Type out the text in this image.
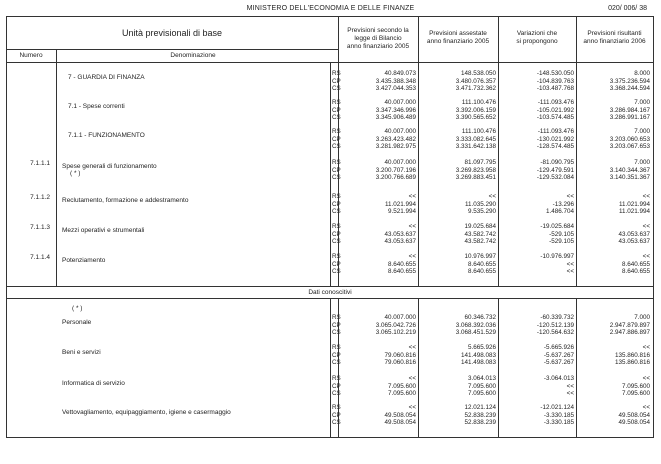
MINISTERO DELL'ECONOMIA E DELLE FINANZE	020/ 006/ 38
Unità previsionali di base
Numero	Denominazione
Previsioni secondo la
legge di Bilancio
anno finanziario 2005
Previsioni assestate
anno finanziario 2005
Variazioni che
si propongono
Previsioni risultanti
anno finanziario 2006
Dati conoscitivi
( * )
7 - GUARDIA DI FINANZA
RS
CP
CS
40.849.073
3.435.388.348
3.427.044.353
148.538.050
3.480.076.357
3.471.732.362
-148.530.050
-104.839.763
-103.487.768
8.000
3.375.236.594
3.368.244.594
7.1 - Spese correnti
RS
CP
CS
40.007.000
3.347.346.996
3.345.906.489
111.100.476
3.392.006.159
3.390.565.652
-111.093.476
-105.021.992
-103.574.485
7.000
3.286.984.167
3.286.991.167
7.1.1 - FUNZIONAMENTO
RS
CP
CS
40.007.000
3.263.423.482
3.281.982.975
111.100.476
3.333.082.645
3.331.642.138
-111.093.476
-130.021.992
-128.574.485
7.000
3.203.060.653
3.203.067.653
7.1.1.1
( * )
Spese generali di funzionamento
RS
CP
CS
40.007.000
3.200.707.196
3.200.766.689
81.097.795
3.269.823.958
3.269.883.451
-81.090.795
-129.479.591
-129.532.084
7.000
3.140.344.367
3.140.351.367
7.1.1.2 Reclutamento, formazione e addestramento
RS
CP
CS
<<
11.021.994
9.521.994
<<
11.035.290
9.535.290
<<
-13.296
1.486.704
<<
11.021.994
11.021.994
7.1.1.3 Mezzi operativi e strumentali
RS
CP
CS
<<
43.053.637
43.053.637
19.025.684
43.582.742
43.582.742
-19.025.684
-529.105
-529.105
<<
43.053.637
43.053.637
7.1.1.4 Potenziamento
RS
CP
CS
<<
8.640.655
8.640.655
10.976.997
8.640.655
8.640.655
-10.976.997
<<
<<
<<
8.640.655
8.640.655
Personale
RS
CP
CS
40.007.000
3.065.042.726
3.065.102.219
60.346.732
3.068.392.036
3.068.451.529
-60.339.732
-120.512.139
-120.564.632
7.000
2.947.879.897
2.947.886.897
Beni e servizi
RS
CP
CS
<<
79.060.816
79.060.816
5.665.926
141.498.083
141.498.083
-5.665.926
-5.637.267
-5.637.267
<<
135.860.816
135.860.816
Informatica di servizio
RS
CP
CS
<<
7.095.600
7.095.600
3.064.013
7.095.600
7.095.600
-3.064.013
<<
<<
<<
7.095.600
7.095.600
Vettovagliamento, equipaggiamento, igiene e casermaggio
RS
CP
CS
<<
49.508.054
49.508.054
12.021.124
52.838.239
52.838.239
-12.021.124
-3.330.185
-3.330.185
<<
49.508.054
49.508.054
